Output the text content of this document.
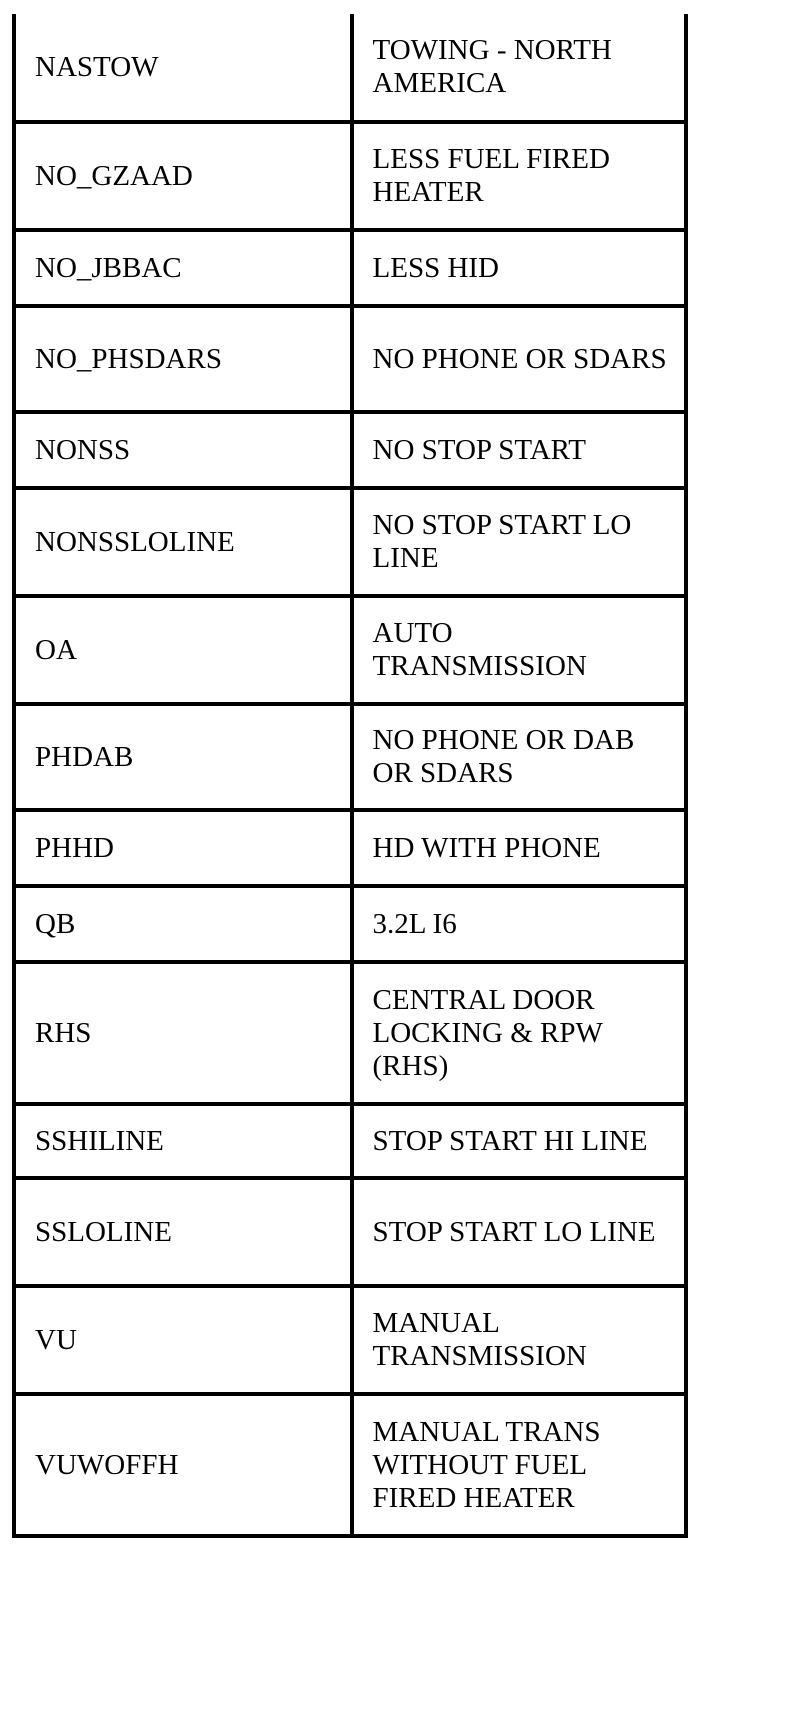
NASTOW	TOWING - NORTH AMERICA
NO_GZAAD	LESS FUEL FIRED HEATER
NO_JBBAC	LESS HID
NO_PHSDARS	NO PHONE OR SDARS
NONSS	NO STOP START
NONSSLOLINE	NO STOP START LO LINE
OA	AUTO TRANSMISSION
PHDAB	NO PHONE OR DAB OR SDARS
PHHD	HD WITH PHONE
QB	3.2L I6
RHS	CENTRAL DOOR LOCKING & RPW (RHS)
SSHILINE	STOP START HI LINE
SSLOLINE	STOP START LO LINE
VU	MANUAL TRANSMISSION
VUWOFFH	MANUAL TRANS WITHOUT FUEL FIRED HEATER
